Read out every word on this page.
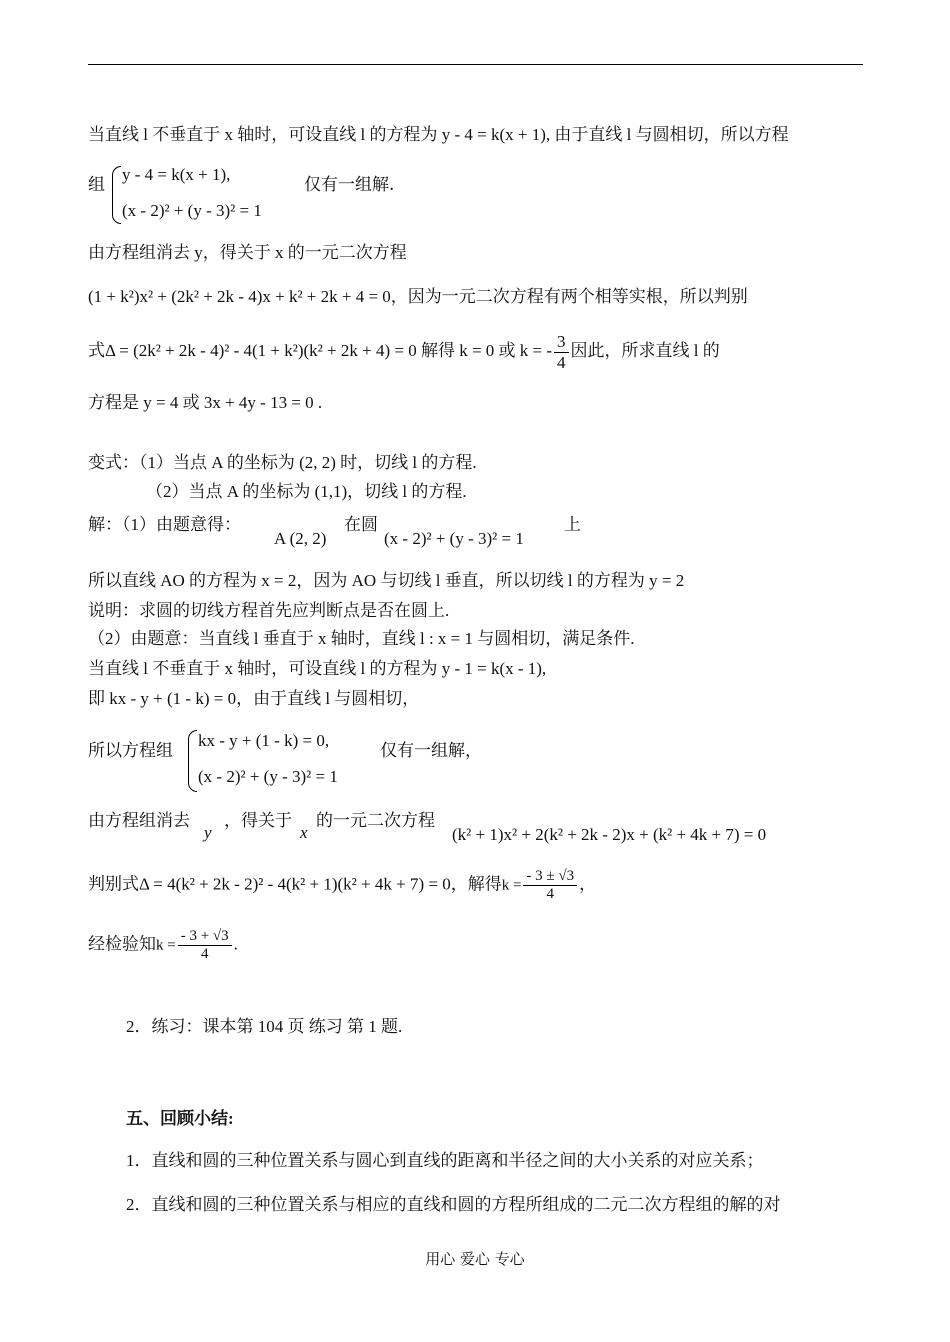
当直线 l 不垂直于 x 轴时，可设直线 l 的方程为 y - 4 = k(x + 1), 由于直线 l 与圆相切，所以方程
组
y - 4 = k(x + 1),
(x - 2)² + (y - 3)² = 1
仅有一组解.
由方程组消去 y，得关于 x 的一元二次方程
(1 + k²)x² + (2k² + 2k - 4)x + k² + 2k + 4 = 0，因为一元二次方程有两个相等实根，所以判别
式Δ = (2k² + 2k - 4)² - 4(1 + k²)(k² + 2k + 4) = 0 解得 k = 0 或 k = - $\frac{3}{4}$ 因此，所求直线 l 的
方程是 y = 4 或 3x + 4y - 13 = 0 .
变式：（1）当点 A 的坐标为 (2, 2) 时，切线 l 的方程.
（2）当点 A 的坐标为 (1,1)，切线 l 的方程.
解：（1）由题意得：
A (2, 2)
在圆
(x - 2)² + (y - 3)² = 1
上
所以直线 AO 的方程为 x = 2，因为 AO 与切线 l 垂直，所以切线 l 的方程为 y = 2
说明：求圆的切线方程首先应判断点是否在圆上.
（2）由题意：当直线 l 垂直于 x 轴时，直线 l : x = 1 与圆相切，满足条件.
当直线 l 不垂直于 x 轴时，可设直线 l 的方程为 y - 1 = k(x - 1),
即 kx - y + (1 - k) = 0，由于直线 l 与圆相切，
所以方程组
kx - y + (1 - k) = 0,
(x - 2)² + (y - 3)² = 1
仅有一组解，
由方程组消去
y
，得关于
x
的一元二次方程
(k² + 1)x² + 2(k² + 2k - 2)x + (k² + 4k + 7) = 0
判别式Δ = 4(k² + 2k - 2)² - 4(k² + 1)(k² + 4k + 7) = 0，解得$k = \frac{- 3 \pm √3}{4}$ ，
经检验知$k = \frac{- 3 + √3}{4}$ .
2．练习：课本第 104 页 练习 第 1 题.
五、回顾小结:
1．直线和圆的三种位置关系与圆心到直线的距离和半径之间的大小关系的对应关系；
2．直线和圆的三种位置关系与相应的直线和圆的方程所组成的二元二次方程组的解的对
用心 爱心 专心
